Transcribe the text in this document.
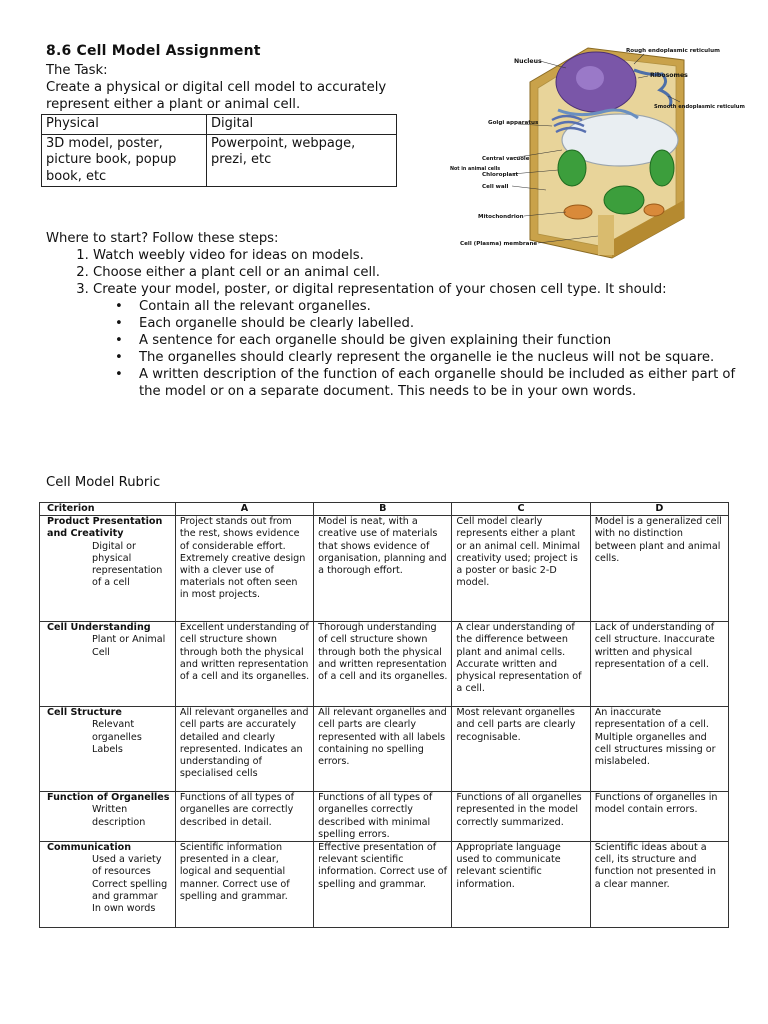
8.6 Cell Model Assignment
The Task:
Create a physical or digital cell model to accurately represent either a plant or animal cell.
Physical	Digital
3D model, poster, picture book, popup book, etc	Powerpoint, webpage, prezi, etc
Nucleus
Rough endoplasmic reticulum
Ribosomes
Smooth endoplasmic reticulum
Golgi apparatus
Central vacuole
Chloroplast
Cell wall
Not in animal cells
Mitochondrion
Cell (Plasma) membrane
Where to start? Follow these steps:
1. Watch weebly video for ideas on models.
2. Choose either a plant cell or an animal cell.
3. Create your model, poster, or digital representation of your chosen cell type. It should:
• Contain all the relevant organelles.
• Each organelle should be clearly labelled.
• A sentence for each organelle should be given explaining their function
• The organelles should clearly represent the organelle ie the nucleus will not be square.
• A written description of the function of each organelle should be included as either part of the model or on a separate document. This needs to be in your own words.
Cell Model Rubric
Criterion	A	B	C	D

Product Presentation and Creativity
Digital or physical representation of a cell	Project stands out from the rest, shows evidence of considerable effort. Extremely creative design with a clever use of materials not often seen in most projects.	Model is neat, with a creative use of materials that shows evidence of organisation, planning and a thorough effort.	Cell model clearly represents either a plant or an animal cell. Minimal creativity used; project is a poster or basic 2-D model.	Model is a generalized cell with no distinction between plant and animal cells.

Cell Understanding
Plant or Animal Cell	Excellent understanding of cell structure shown through both the physical and written representation of a cell and its organelles.	Thorough understanding of cell structure shown through both the physical and written representation of a cell and its organelles.	A clear understanding of the difference between plant and animal cells. Accurate written and physical representation of a cell.	Lack of understanding of cell structure. Inaccurate written and physical representation of a cell.

Cell Structure
Relevant organelles
Labels	All relevant organelles and cell parts are accurately detailed and clearly represented. Indicates an understanding of specialised cells	All relevant organelles and cell parts are clearly represented with all labels containing no spelling errors.	Most relevant organelles and cell parts are clearly recognisable.	An inaccurate representation of a cell. Multiple organelles and cell structures missing or mislabeled.

Function of Organelles
Written description	Functions of all types of organelles are correctly described in detail.	Functions of all types of organelles correctly described with minimal spelling errors.	Functions of all organelles represented in the model correctly summarized.	Functions of organelles in model contain errors.

Communication
Used a variety of resources
Correct spelling and grammar
In own words	Scientific information presented in a clear, logical and sequential manner. Correct use of spelling and grammar.	Effective presentation of relevant scientific information. Correct use of spelling and grammar.	Appropriate language used to communicate relevant scientific information.	Scientific ideas about a cell, its structure and function not presented in a clear manner.
